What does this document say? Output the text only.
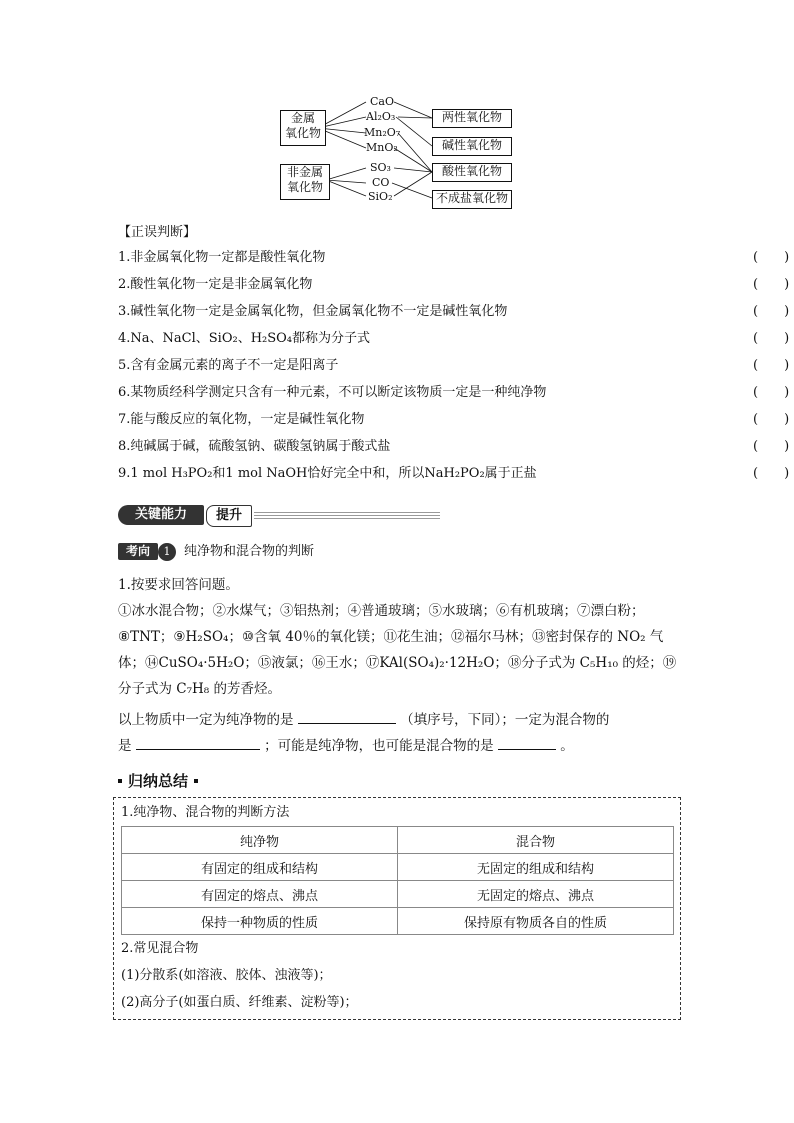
金属
氧化物
非金属
氧化物
CaO
Al₂O₃
Mn₂O₇
MnO₂
SO₃
CO
SiO₂
两性氧化物
碱性氧化物
酸性氧化物
不成盐氧化物
【正误判断】
1.非金属氧化物一定都是酸性氧化物	(　　)
2.酸性氧化物一定是非金属氧化物	(　　)
3.碱性氧化物一定是金属氧化物，但金属氧化物不一定是碱性氧化物	(　　)
4.Na、NaCl、SiO₂、H₂SO₄都称为分子式	(　　)
5.含有金属元素的离子不一定是阳离子	(　　)
6.某物质经科学测定只含有一种元素，不可以断定该物质一定是一种纯净物	(　　)
7.能与酸反应的氧化物，一定是碱性氧化物	(　　)
8.纯碱属于碱，硫酸氢钠、碳酸氢钠属于酸式盐	(　　)
9.1 mol H₃PO₂和1 mol NaOH恰好完全中和，所以NaH₂PO₂属于正盐	(　　)
关键能力	提升
考向	1	纯净物和混合物的判断
1.按要求回答问题。
①冰水混合物；②水煤气；③铝热剂；④普通玻璃；⑤水玻璃；⑥有机玻璃；⑦漂白粉；
⑧TNT；⑨H₂SO₄；⑩含氧 40％的氧化镁；⑪花生油；⑫福尔马林；⑬密封保存的 NO₂ 气
体；⑭CuSO₄·5H₂O；⑮液氯；⑯王水；⑰KAl(SO₄)₂·12H₂O；⑱分子式为 C₅H₁₀ 的烃；⑲
分子式为 C₇H₈ 的芳香烃。
以上物质中一定为纯净物的是	（填序号，下同）；一定为混合物的
是	；可能是纯净物，也可能是混合物的是	。
归纳总结
1.纯净物、混合物的判断方法
纯净物	混合物
有固定的组成和结构	无固定的组成和结构
有固定的熔点、沸点	无固定的熔点、沸点
保持一种物质的性质	保持原有物质各自的性质
2.常见混合物
(1)分散系(如溶液、胶体、浊液等)；
(2)高分子(如蛋白质、纤维素、淀粉等)；
